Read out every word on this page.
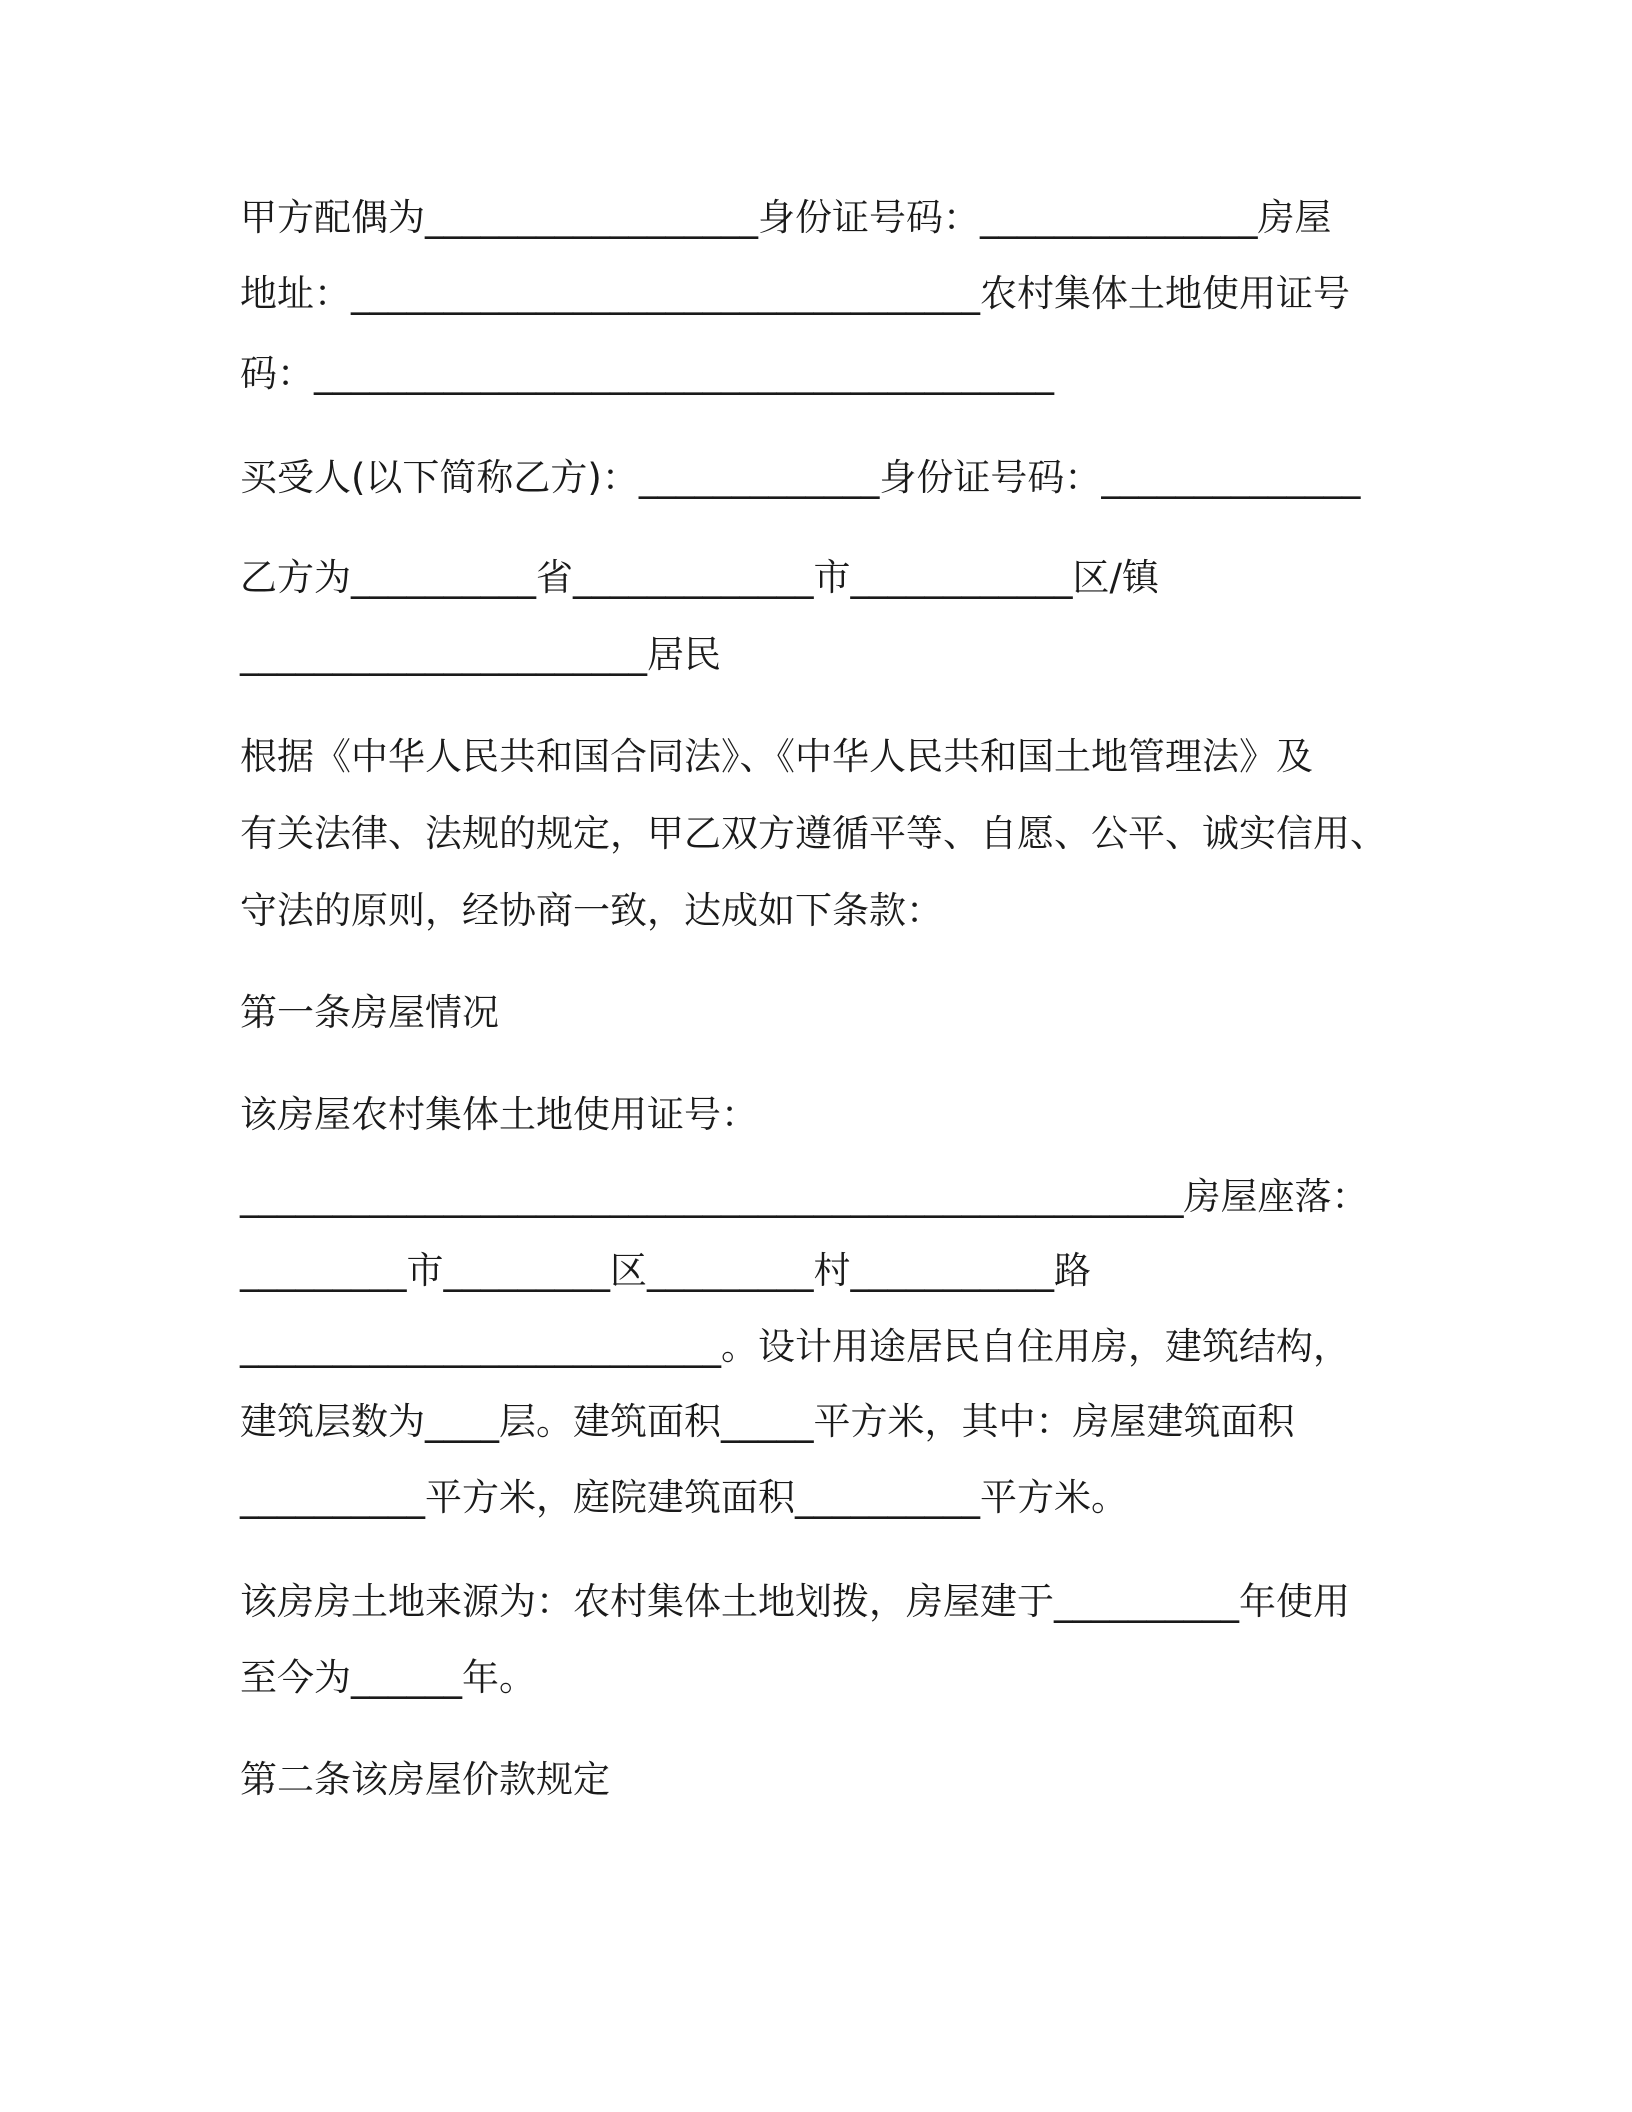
甲方配偶为__________________身份证号码：_______________房屋
地址：__________________________________农村集体土地使用证号
码：________________________________________
买受人(以下简称乙方)：_____________身份证号码：______________
乙方为__________省_____________市____________区/镇
______________________居民
根据《中华人民共和国合同法》、《中华人民共和国土地管理法》及
有关法律、法规的规定，甲乙双方遵循平等、自愿、公平、诚实信用、
守法的原则，经协商一致，达成如下条款：
第一条房屋情况
该房屋农村集体土地使用证号：
___________________________________________________房屋座落：
_________市_________区_________村___________路
__________________________。设计用途居民自住用房，建筑结构，
建筑层数为____层。建筑面积_____平方米，其中：房屋建筑面积
__________平方米，庭院建筑面积__________平方米。
该房房土地来源为：农村集体土地划拨，房屋建于__________年使用
至今为______年。
第二条该房屋价款规定
